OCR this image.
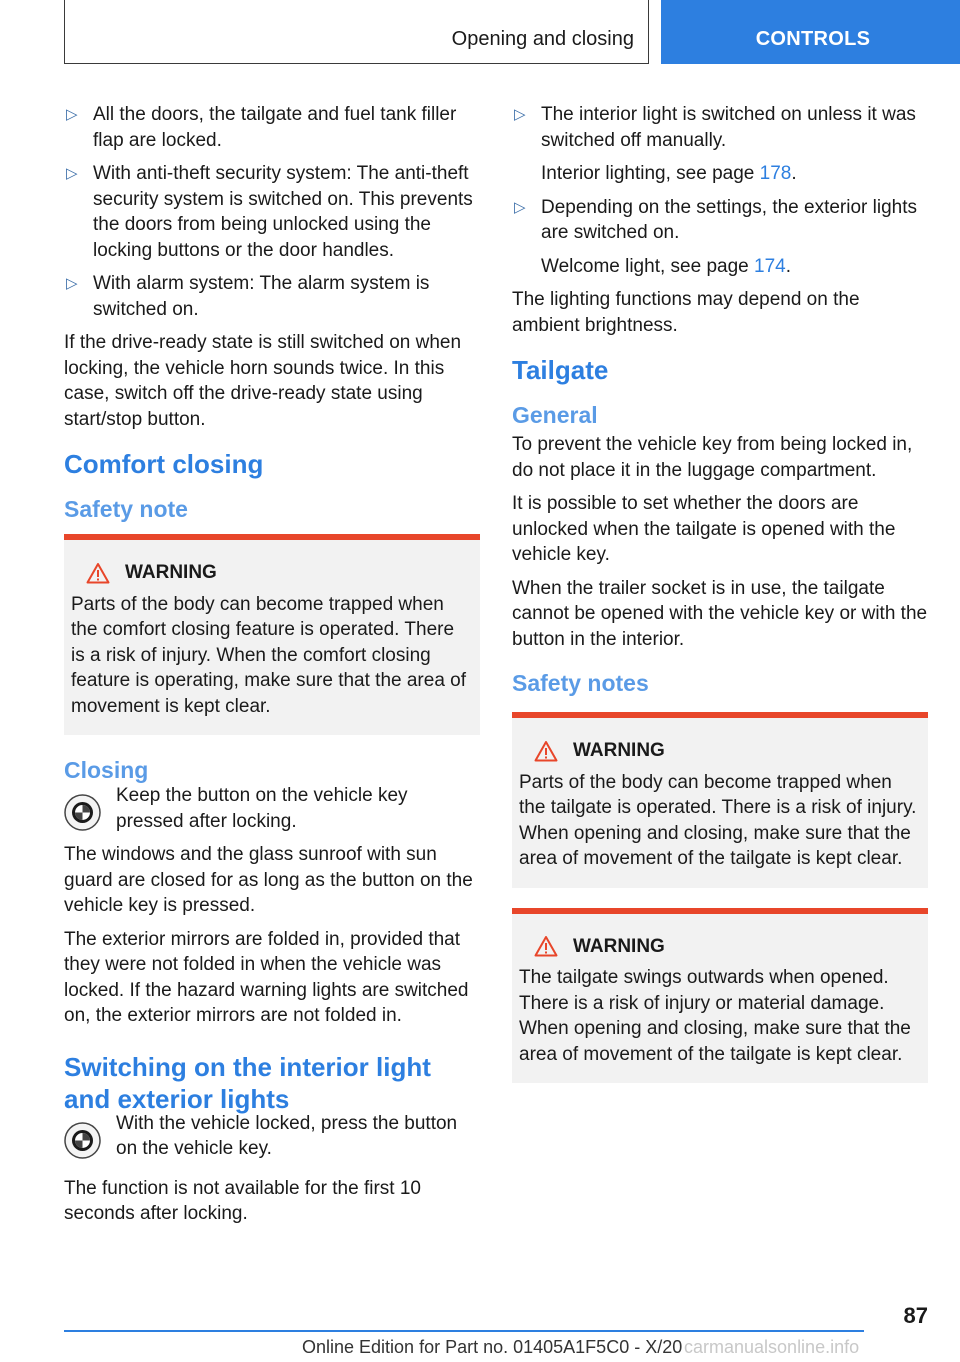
Opening and closing	CONTROLS
▷ All the doors, the tailgate and fuel tank filler flap are locked.
▷ With anti-theft security system: The anti-theft security system is switched on. This prevents the doors from being unlocked using the locking buttons or the door handles.
▷ With alarm system: The alarm system is switched on.

If the drive-ready state is still switched on when locking, the vehicle horn sounds twice. In this case, switch off the drive-ready state using start/stop button.

Comfort closing
Safety note
WARNING
Parts of the body can become trapped when the comfort closing feature is operated. There is a risk of injury. When the comfort closing feature is operating, make sure that the area of movement is kept clear.
Closing
Keep the button on the vehicle key pressed after locking.

The windows and the glass sunroof with sun guard are closed for as long as the button on the vehicle key is pressed.

The exterior mirrors are folded in, provided that they were not folded in when the vehicle was locked. If the hazard warning lights are switched on, the exterior mirrors are not folded in.

Switching on the interior light and exterior lights
With the vehicle locked, press the button on the vehicle key.

The function is not available for the first 10 seconds after locking.

▷ The interior light is switched on unless it was switched off manually.
Interior lighting, see page 178.
▷ Depending on the settings, the exterior lights are switched on.
Welcome light, see page 174.

The lighting functions may depend on the ambient brightness.

Tailgate
General

To prevent the vehicle key from being locked in, do not place it in the luggage compartment.

It is possible to set whether the doors are unlocked when the tailgate is opened with the vehicle key.

When the trailer socket is in use, the tailgate cannot be opened with the vehicle key or with the button in the interior.

Safety notes
WARNING
Parts of the body can become trapped when the tailgate is operated. There is a risk of injury. When opening and closing, make sure that the area of movement of the tailgate is kept clear.
WARNING
The tailgate swings outwards when opened. There is a risk of injury or material damage. When opening and closing, make sure that the area of movement of the tailgate is kept clear.
87
Online Edition for Part no. 01405A1F5C0 - X/20 carmanualsonline.info
